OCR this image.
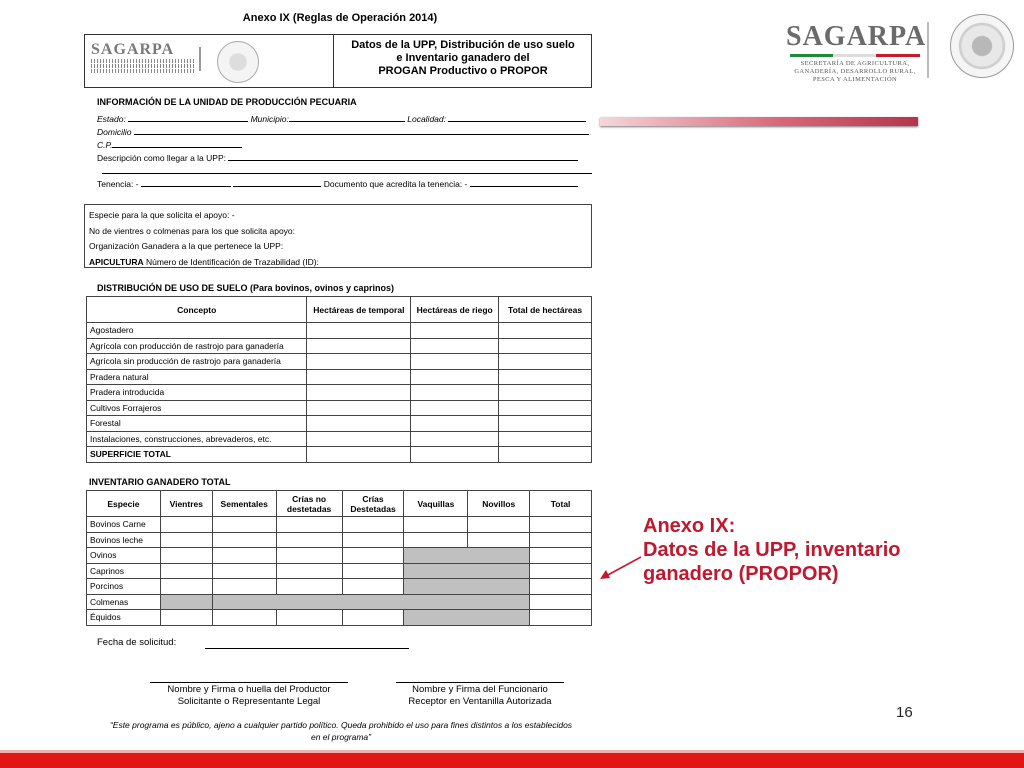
SAGARPA
SECRETARÍA DE AGRICULTURA,
GANADERÍA, DESARROLLO RURAL,
PESCA Y ALIMENTACIÓN
Anexo IX (Reglas de Operación 2014)
SAGARPA	Datos de la UPP, Distribución de uso suelo
e Inventario ganadero del
PROGAN Productivo o PROPOR
INFORMACIÓN DE LA UNIDAD DE PRODUCCIÓN PECUARIA
Estado:	Municipio:	Localidad:
Domicilio
C.P.
Descripción como llegar a la UPP:
Tenencia: -	Documento que acredita la tenencia: -
Especie para la que solicita el apoyo: -
No de vientres o colmenas para los que solicita apoyo:
Organización Ganadera a la que pertenece la UPP:
APICULTURA Número de Identificación de Trazabilidad (ID):
DISTRIBUCIÓN DE USO DE SUELO (Para bovinos, ovinos y caprinos)
Concepto	Hectáreas de temporal	Hectáreas de riego	Total de hectáreas
Agostadero			
Agrícola con producción de rastrojo para ganadería			
Agrícola sin producción de rastrojo para ganadería			
Pradera natural			
Pradera introducida			
Cultivos Forrajeros			
Forestal			
Instalaciones, construcciones, abrevaderos, etc.			
SUPERFICIE TOTAL			
INVENTARIO GANADERO TOTAL
Especie	Vientres	Sementales	Crías no destetadas	Crías Destetadas	Vaquillas	Novillos	Total
Bovinos Carne							
Bovinos leche							
Ovinos							
Caprinos							
Porcinos							
Colmenas							
Équidos							
Fecha de solicitud:
Nombre y Firma o huella del Productor
Solicitante o Representante Legal
Nombre y Firma del Funcionario
Receptor en Ventanilla Autorizada
“Este programa es público, ajeno a cualquier partido político. Queda prohibido el uso para fines distintos a los establecidos
en el programa”
Anexo IX:
Datos de la UPP, inventario
ganadero (PROPOR)
16
